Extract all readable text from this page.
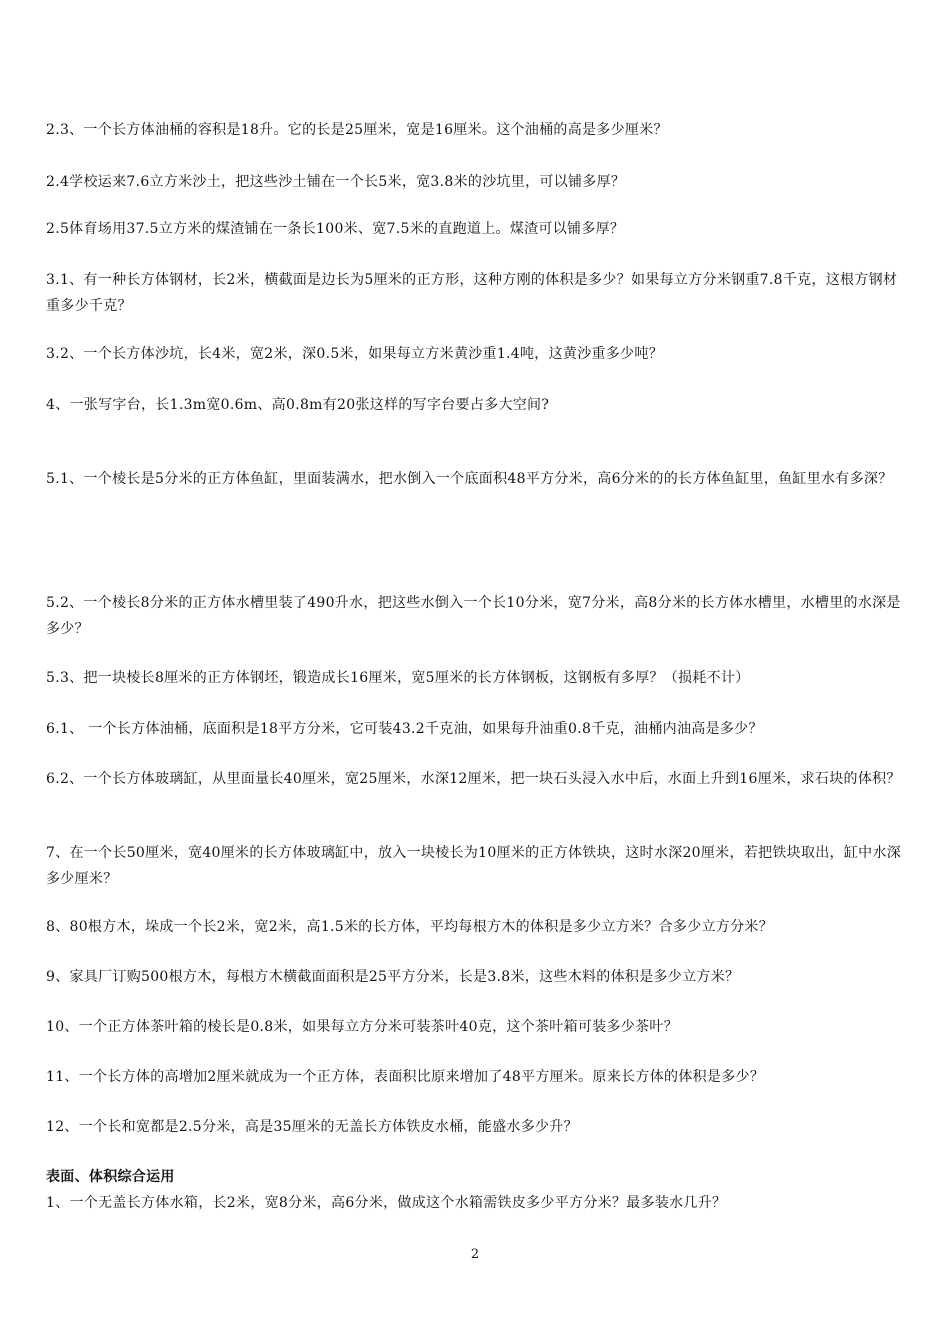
2.3、一个长方体油桶的容积是18升。它的长是25厘米，宽是16厘米。这个油桶的高是多少厘米？

2.4学校运来7.6立方米沙土，把这些沙土铺在一个长5米，宽3.8米的沙坑里，可以铺多厚？

2.5体育场用37.5立方米的煤渣铺在一条长100米、宽7.5米的直跑道上。煤渣可以铺多厚？

3.1、有一种长方体钢材，长2米，横截面是边长为5厘米的正方形，这种方刚的体积是多少？如果每立方分米钢重7.8千克，这根方钢材重多少千克？

3.2、一个长方体沙坑，长4米，宽2米，深0.5米，如果每立方米黄沙重1.4吨，这黄沙重多少吨？

4、一张写字台，长1.3m宽0.6m、高0.8m有20张这样的写字台要占多大空间?

5.1、一个棱长是5分米的正方体鱼缸，里面装满水，把水倒入一个底面积48平方分米，高6分米的的长方体鱼缸里，鱼缸里水有多深？

5.2、一个棱长8分米的正方体水槽里装了490升水，把这些水倒入一个长10分米，宽7分米，高8分米的长方体水槽里，水槽里的水深是多少？

5.3、把一块棱长8厘米的正方体钢坯，锻造成长16厘米，宽5厘米的长方体钢板，这钢板有多厚？（损耗不计）

6.1、 一个长方体油桶，底面积是18平方分米，它可装43.2千克油，如果每升油重0.8千克，油桶内油高是多少？

6.2、一个长方体玻璃缸，从里面量长40厘米，宽25厘米，水深12厘米，把一块石头浸入水中后，水面上升到16厘米，求石块的体积？

7、在一个长50厘米，宽40厘米的长方体玻璃缸中，放入一块棱长为10厘米的正方体铁块，这时水深20厘米，若把铁块取出，缸中水深多少厘米？

8、80根方木，垛成一个长2米，宽2米，高1.5米的长方体，平均每根方木的体积是多少立方米？合多少立方分米？

9、家具厂订购500根方木，每根方木横截面面积是25平方分米，长是3.8米，这些木料的体积是多少立方米？

10、一个正方体茶叶箱的棱长是0.8米，如果每立方分米可装茶叶40克，这个茶叶箱可装多少茶叶？

11、一个长方体的高增加2厘米就成为一个正方体，表面积比原来增加了48平方厘米。原来长方体的体积是多少？

12、一个长和宽都是2.5分米，高是35厘米的无盖长方体铁皮水桶，能盛水多少升？

表面、体积综合运用

1、一个无盖长方体水箱，长2米，宽8分米，高6分米，做成这个水箱需铁皮多少平方分米？最多装水几升？

2
